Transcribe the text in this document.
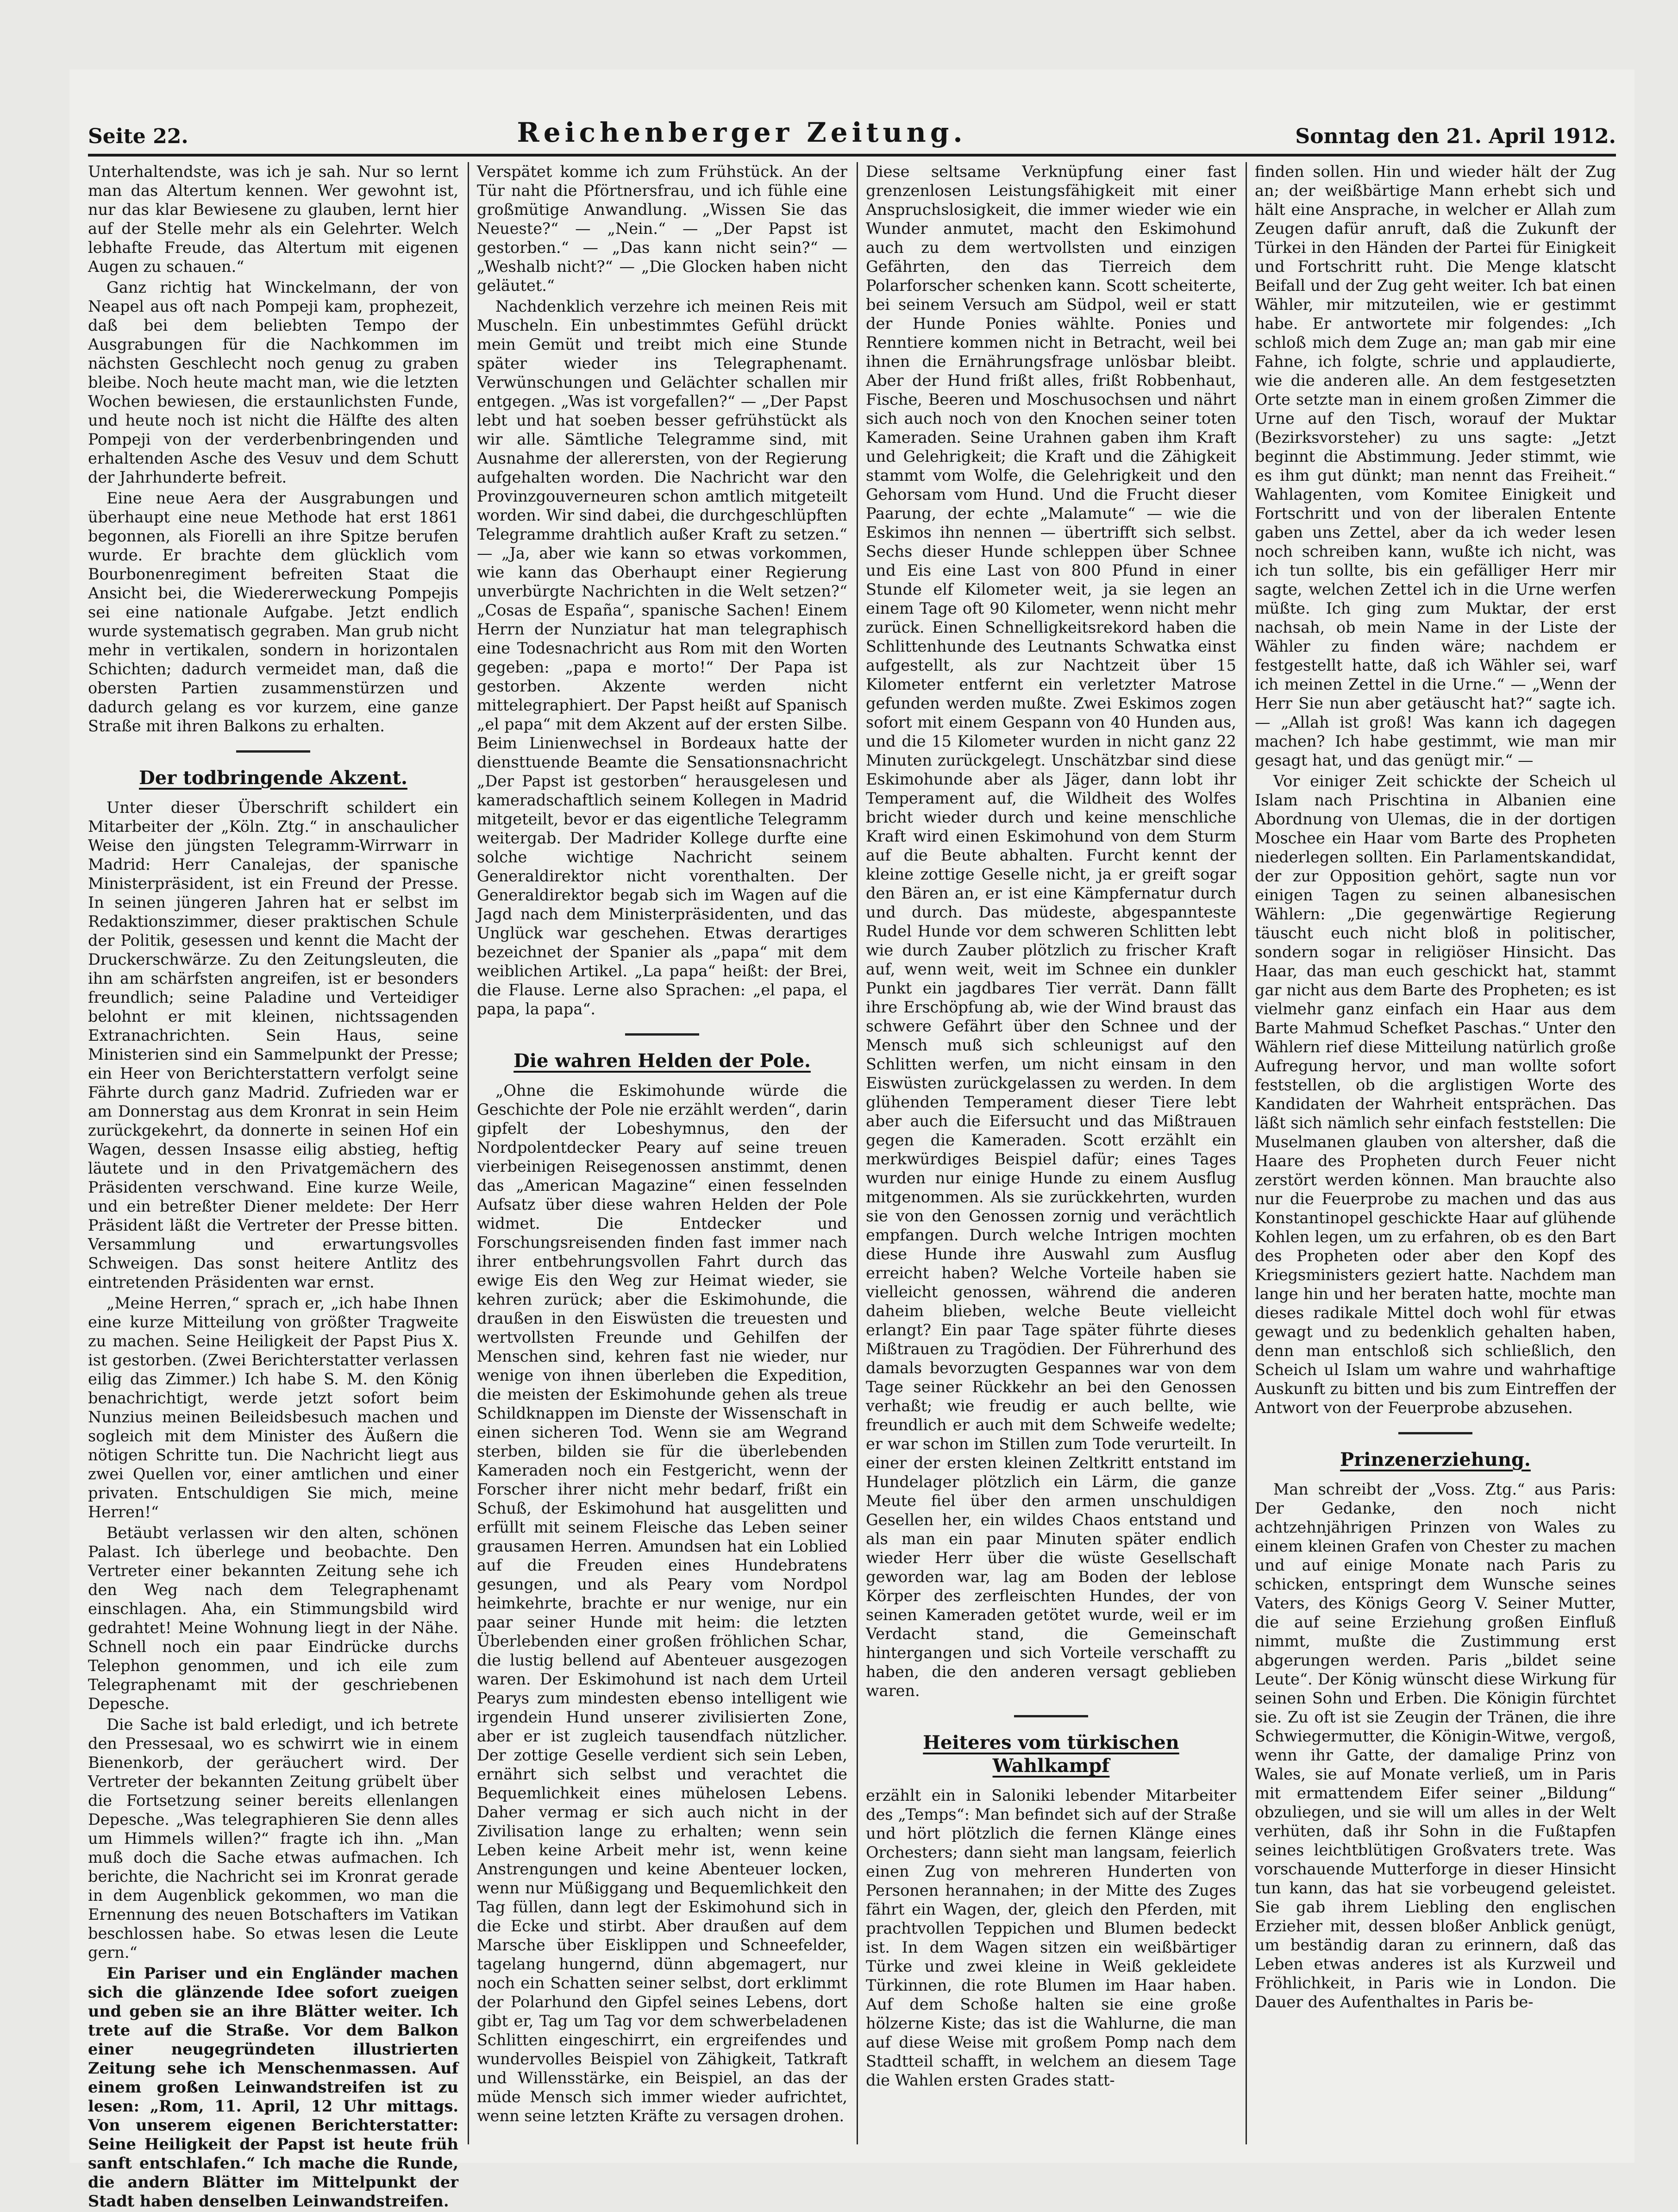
Seite 22.	Reichenberger Zeitung.	Sonntag den 21. April 1912.

Unterhaltendste, was ich je sah. Nur so lernt man das Altertum kennen. Wer gewohnt ist, nur das klar Bewiesene zu glauben, lernt hier auf der Stelle mehr als ein Gelehrter. Welch lebhafte Freude, das Altertum mit eigenen Augen zu schauen.“

Ganz richtig hat Winckelmann, der von Neapel aus oft nach Pompeji kam, prophezeit, daß bei dem beliebten Tempo der Ausgrabungen für die Nachkommen im nächsten Geschlecht noch genug zu graben bleibe. Noch heute macht man, wie die letzten Wochen bewiesen, die erstaunlichsten Funde, und heute noch ist nicht die Hälfte des alten Pompeji von der verderbenbringenden und erhaltenden Asche des Vesuv und dem Schutt der Jahrhunderte befreit.

Eine neue Aera der Ausgrabungen und überhaupt eine neue Methode hat erst 1861 begonnen, als Fiorelli an ihre Spitze berufen wurde. Er brachte dem glücklich vom Bourbonenregiment befreiten Staat die Ansicht bei, die Wiedererweckung Pompejis sei eine nationale Aufgabe. Jetzt endlich wurde systematisch gegraben. Man grub nicht mehr in vertikalen, sondern in horizontalen Schichten; dadurch vermeidet man, daß die obersten Partien zusammenstürzen und dadurch gelang es vor kurzem, eine ganze Straße mit ihren Balkons zu erhalten.

Der todbringende Akzent.

Unter dieser Überschrift schildert ein Mitarbeiter der „Köln. Ztg.“ in anschaulicher Weise den jüngsten Telegramm-Wirrwarr in Madrid: Herr Canalejas, der spanische Ministerpräsident, ist ein Freund der Presse. In seinen jüngeren Jahren hat er selbst im Redaktionszimmer, dieser praktischen Schule der Politik, gesessen und kennt die Macht der Druckerschwärze. Zu den Zeitungsleuten, die ihn am schärfsten angreifen, ist er besonders freundlich; seine Paladine und Verteidiger belohnt er mit kleinen, nichtssagenden Extranachrichten. Sein Haus, seine Ministerien sind ein Sammelpunkt der Presse; ein Heer von Berichterstattern verfolgt seine Fährte durch ganz Madrid. Zufrieden war er am Donnerstag aus dem Kronrat in sein Heim zurückgekehrt, da donnerte in seinen Hof ein Wagen, dessen Insasse eilig abstieg, heftig läutete und in den Privatgemächern des Präsidenten verschwand. Eine kurze Weile, und ein betreßter Diener meldete: Der Herr Präsident läßt die Vertreter der Presse bitten. Versammlung und erwartungsvolles Schweigen. Das sonst heitere Antlitz des eintretenden Präsidenten war ernst.

„Meine Herren,“ sprach er, „ich habe Ihnen eine kurze Mitteilung von größter Tragweite zu machen. Seine Heiligkeit der Papst Pius X. ist gestorben. (Zwei Berichterstatter verlassen eilig das Zimmer.) Ich habe S. M. den König benachrichtigt, werde jetzt sofort beim Nunzius meinen Beileidsbesuch machen und sogleich mit dem Minister des Äußern die nötigen Schritte tun. Die Nachricht liegt aus zwei Quellen vor, einer amtlichen und einer privaten. Entschuldigen Sie mich, meine Herren!“

Betäubt verlassen wir den alten, schönen Palast. Ich überlege und beobachte. Den Vertreter einer bekannten Zeitung sehe ich den Weg nach dem Telegraphenamt einschlagen. Aha, ein Stimmungsbild wird gedrahtet! Meine Wohnung liegt in der Nähe. Schnell noch ein paar Eindrücke durchs Telephon genommen, und ich eile zum Telegraphenamt mit der geschriebenen Depesche.

Die Sache ist bald erledigt, und ich betrete den Pressesaal, wo es schwirrt wie in einem Bienenkorb, der geräuchert wird. Der Vertreter der bekannten Zeitung grübelt über die Fortsetzung seiner bereits ellenlangen Depesche. „Was telegraphieren Sie denn alles um Himmels willen?“ fragte ich ihn. „Man muß doch die Sache etwas aufmachen. Ich berichte, die Nachricht sei im Kronrat gerade in dem Augenblick gekommen, wo man die Ernennung des neuen Botschafters im Vatikan beschlossen habe. So etwas lesen die Leute gern.“

Ein Pariser und ein Engländer machen sich die glänzende Idee sofort zueigen und geben sie an ihre Blätter weiter. Ich trete auf die Straße. Vor dem Balkon einer neugegründeten illustrierten Zeitung sehe ich Menschenmassen. Auf einem großen Leinwandstreifen ist zu lesen: „Rom, 11. April, 12 Uhr mittags. Von unserem eigenen Berichterstatter: Seine Heiligkeit der Papst ist heute früh sanft entschlafen.“ Ich mache die Runde, die andern Blätter im Mittelpunkt der Stadt haben denselben Leinwandstreifen.

Verspätet komme ich zum Frühstück. An der Tür naht die Pförtnersfrau, und ich fühle eine großmütige Anwandlung. „Wissen Sie das Neueste?“ — „Nein.“ — „Der Papst ist gestorben.“ — „Das kann nicht sein?“ — „Weshalb nicht?“ — „Die Glocken haben nicht geläutet.“

Nachdenklich verzehre ich meinen Reis mit Muscheln. Ein unbestimmtes Gefühl drückt mein Gemüt und treibt mich eine Stunde später wieder ins Telegraphenamt. Verwünschungen und Gelächter schallen mir entgegen. „Was ist vorgefallen?“ — „Der Papst lebt und hat soeben besser gefrühstückt als wir alle. Sämtliche Telegramme sind, mit Ausnahme der allerersten, von der Regierung aufgehalten worden. Die Nachricht war den Provinzgouverneuren schon amtlich mitgeteilt worden. Wir sind dabei, die durchgeschlüpften Telegramme drahtlich außer Kraft zu setzen.“ — „Ja, aber wie kann so etwas vorkommen, wie kann das Oberhaupt einer Regierung unverbürgte Nachrichten in die Welt setzen?“ „Cosas de España“, spanische Sachen! Einem Herrn der Nunziatur hat man telegraphisch eine Todesnachricht aus Rom mit den Worten gegeben: „papa e morto!“ Der Papa ist gestorben. Akzente werden nicht mittelegraphiert. Der Papst heißt auf Spanisch „el papa“ mit dem Akzent auf der ersten Silbe. Beim Linienwechsel in Bordeaux hatte der diensttuende Beamte die Sensationsnachricht „Der Papst ist gestorben“ herausgelesen und kameradschaftlich seinem Kollegen in Madrid mitgeteilt, bevor er das eigentliche Telegramm weitergab. Der Madrider Kollege durfte eine solche wichtige Nachricht seinem Generaldirektor nicht vorenthalten. Der Generaldirektor begab sich im Wagen auf die Jagd nach dem Ministerpräsidenten, und das Unglück war geschehen. Etwas derartiges bezeichnet der Spanier als „papa“ mit dem weiblichen Artikel. „La papa“ heißt: der Brei, die Flause. Lerne also Sprachen: „el papa, el papa, la papa“.

Die wahren Helden der Pole.

„Ohne die Eskimohunde würde die Geschichte der Pole nie erzählt werden“, darin gipfelt der Lobeshymnus, den der Nordpolentdecker Peary auf seine treuen vierbeinigen Reisegenossen anstimmt, denen das „American Magazine“ einen fesselnden Aufsatz über diese wahren Helden der Pole widmet. Die Entdecker und Forschungsreisenden finden fast immer nach ihrer entbehrungsvollen Fahrt durch das ewige Eis den Weg zur Heimat wieder, sie kehren zurück; aber die Eskimohunde, die draußen in den Eiswüsten die treuesten und wertvollsten Freunde und Gehilfen der Menschen sind, kehren fast nie wieder, nur wenige von ihnen überleben die Expedition, die meisten der Eskimohunde gehen als treue Schildknappen im Dienste der Wissenschaft in einen sicheren Tod. Wenn sie am Wegrand sterben, bilden sie für die überlebenden Kameraden noch ein Festgericht, wenn der Forscher ihrer nicht mehr bedarf, frißt ein Schuß, der Eskimohund hat ausgelitten und erfüllt mit seinem Fleische das Leben seiner grausamen Herren. Amundsen hat ein Loblied auf die Freuden eines Hundebratens gesungen, und als Peary vom Nordpol heimkehrte, brachte er nur wenige, nur ein paar seiner Hunde mit heim: die letzten Überlebenden einer großen fröhlichen Schar, die lustig bellend auf Abenteuer ausgezogen waren. Der Eskimohund ist nach dem Urteil Pearys zum mindesten ebenso intelligent wie irgendein Hund unserer zivilisierten Zone, aber er ist zugleich tausendfach nützlicher. Der zottige Geselle verdient sich sein Leben, ernährt sich selbst und verachtet die Bequemlichkeit eines mühelosen Lebens. Daher vermag er sich auch nicht in der Zivilisation lange zu erhalten; wenn sein Leben keine Arbeit mehr ist, wenn keine Anstrengungen und keine Abenteuer locken, wenn nur Müßiggang und Bequemlichkeit den Tag füllen, dann legt der Eskimohund sich in die Ecke und stirbt. Aber draußen auf dem Marsche über Eisklippen und Schneefelder, tagelang hungernd, dünn abgemagert, nur noch ein Schatten seiner selbst, dort erklimmt der Polarhund den Gipfel seines Lebens, dort gibt er, Tag um Tag vor dem schwerbeladenen Schlitten eingeschirrt, ein ergreifendes und wundervolles Beispiel von Zähigkeit, Tatkraft und Willensstärke, ein Beispiel, an das der müde Mensch sich immer wieder aufrichtet, wenn seine letzten Kräfte zu versagen drohen.

Diese seltsame Verknüpfung einer fast grenzenlosen Leistungsfähigkeit mit einer Anspruchslosigkeit, die immer wieder wie ein Wunder anmutet, macht den Eskimohund auch zu dem wertvollsten und einzigen Gefährten, den das Tierreich dem Polarforscher schenken kann. Scott scheiterte, bei seinem Versuch am Südpol, weil er statt der Hunde Ponies wählte. Ponies und Renntiere kommen nicht in Betracht, weil bei ihnen die Ernährungsfrage unlösbar bleibt. Aber der Hund frißt alles, frißt Robbenhaut, Fische, Beeren und Moschusochsen und nährt sich auch noch von den Knochen seiner toten Kameraden. Seine Urahnen gaben ihm Kraft und Gelehrigkeit; die Kraft und die Zähigkeit stammt vom Wolfe, die Gelehrigkeit und den Gehorsam vom Hund. Und die Frucht dieser Paarung, der echte „Malamute“ — wie die Eskimos ihn nennen — übertrifft sich selbst. Sechs dieser Hunde schleppen über Schnee und Eis eine Last von 800 Pfund in einer Stunde elf Kilometer weit, ja sie legen an einem Tage oft 90 Kilometer, wenn nicht mehr zurück. Einen Schnelligkeitsrekord haben die Schlittenhunde des Leutnants Schwatka einst aufgestellt, als zur Nachtzeit über 15 Kilometer entfernt ein verletzter Matrose gefunden werden mußte. Zwei Eskimos zogen sofort mit einem Gespann von 40 Hunden aus, und die 15 Kilometer wurden in nicht ganz 22 Minuten zurückgelegt. Unschätzbar sind diese Eskimohunde aber als Jäger, dann lobt ihr Temperament auf, die Wildheit des Wolfes bricht wieder durch und keine menschliche Kraft wird einen Eskimohund von dem Sturm auf die Beute abhalten. Furcht kennt der kleine zottige Geselle nicht, ja er greift sogar den Bären an, er ist eine Kämpfernatur durch und durch. Das müdeste, abgespannteste Rudel Hunde vor dem schweren Schlitten lebt wie durch Zauber plötzlich zu frischer Kraft auf, wenn weit, weit im Schnee ein dunkler Punkt ein jagdbares Tier verrät. Dann fällt ihre Erschöpfung ab, wie der Wind braust das schwere Gefährt über den Schnee und der Mensch muß sich schleunigst auf den Schlitten werfen, um nicht einsam in den Eiswüsten zurückgelassen zu werden. In dem glühenden Temperament dieser Tiere lebt aber auch die Eifersucht und das Mißtrauen gegen die Kameraden. Scott erzählt ein merkwürdiges Beispiel dafür; eines Tages wurden nur einige Hunde zu einem Ausflug mitgenommen. Als sie zurückkehrten, wurden sie von den Genossen zornig und verächtlich empfangen. Durch welche Intrigen mochten diese Hunde ihre Auswahl zum Ausflug erreicht haben? Welche Vorteile haben sie vielleicht genossen, während die anderen daheim blieben, welche Beute vielleicht erlangt? Ein paar Tage später führte dieses Mißtrauen zu Tragödien. Der Führerhund des damals bevorzugten Gespannes war von dem Tage seiner Rückkehr an bei den Genossen verhaßt; wie freudig er auch bellte, wie freundlich er auch mit dem Schweife wedelte; er war schon im Stillen zum Tode verurteilt. In einer der ersten kleinen Zeltkritt entstand im Hundelager plötzlich ein Lärm, die ganze Meute fiel über den armen unschuldigen Gesellen her, ein wildes Chaos entstand und als man ein paar Minuten später endlich wieder Herr über die wüste Gesellschaft geworden war, lag am Boden der leblose Körper des zerfleischten Hundes, der von seinen Kameraden getötet wurde, weil er im Verdacht stand, die Gemeinschaft hintergangen und sich Vorteile verschafft zu haben, die den anderen versagt geblieben waren.

Heiteres vom türkischen Wahlkampf

erzählt ein in Saloniki lebender Mitarbeiter des „Temps“: Man befindet sich auf der Straße und hört plötzlich die fernen Klänge eines Orchesters; dann sieht man langsam, feierlich einen Zug von mehreren Hunderten von Personen herannahen; in der Mitte des Zuges fährt ein Wagen, der, gleich den Pferden, mit prachtvollen Teppichen und Blumen bedeckt ist. In dem Wagen sitzen ein weißbärtiger Türke und zwei kleine in Weiß gekleidete Türkinnen, die rote Blumen im Haar haben. Auf dem Schoße halten sie eine große hölzerne Kiste; das ist die Wahlurne, die man auf diese Weise mit großem Pomp nach dem Stadtteil schafft, in welchem an diesem Tage die Wahlen ersten Grades statt-

finden sollen. Hin und wieder hält der Zug an; der weißbärtige Mann erhebt sich und hält eine Ansprache, in welcher er Allah zum Zeugen dafür anruft, daß die Zukunft der Türkei in den Händen der Partei für Einigkeit und Fortschritt ruht. Die Menge klatscht Beifall und der Zug geht weiter. Ich bat einen Wähler, mir mitzuteilen, wie er gestimmt habe. Er antwortete mir folgendes: „Ich schloß mich dem Zuge an; man gab mir eine Fahne, ich folgte, schrie und applaudierte, wie die anderen alle. An dem festgesetzten Orte setzte man in einem großen Zimmer die Urne auf den Tisch, worauf der Muktar (Bezirksvorsteher) zu uns sagte: „Jetzt beginnt die Abstimmung. Jeder stimmt, wie es ihm gut dünkt; man nennt das Freiheit.“ Wahlagenten, vom Komitee Einigkeit und Fortschritt und von der liberalen Entente gaben uns Zettel, aber da ich weder lesen noch schreiben kann, wußte ich nicht, was ich tun sollte, bis ein gefälliger Herr mir sagte, welchen Zettel ich in die Urne werfen müßte. Ich ging zum Muktar, der erst nachsah, ob mein Name in der Liste der Wähler zu finden wäre; nachdem er festgestellt hatte, daß ich Wähler sei, warf ich meinen Zettel in die Urne.“ — „Wenn der Herr Sie nun aber getäuscht hat?“ sagte ich. — „Allah ist groß! Was kann ich dagegen machen? Ich habe gestimmt, wie man mir gesagt hat, und das genügt mir.“ —

Vor einiger Zeit schickte der Scheich ul Islam nach Prischtina in Albanien eine Abordnung von Ulemas, die in der dortigen Moschee ein Haar vom Barte des Propheten niederlegen sollten. Ein Parlamentskandidat, der zur Opposition gehört, sagte nun vor einigen Tagen zu seinen albanesischen Wählern: „Die gegenwärtige Regierung täuscht euch nicht bloß in politischer, sondern sogar in religiöser Hinsicht. Das Haar, das man euch geschickt hat, stammt gar nicht aus dem Barte des Propheten; es ist vielmehr ganz einfach ein Haar aus dem Barte Mahmud Schefket Paschas.“ Unter den Wählern rief diese Mitteilung natürlich große Aufregung hervor, und man wollte sofort feststellen, ob die arglistigen Worte des Kandidaten der Wahrheit entsprächen. Das läßt sich nämlich sehr einfach feststellen: Die Muselmanen glauben von altersher, daß die Haare des Propheten durch Feuer nicht zerstört werden können. Man brauchte also nur die Feuerprobe zu machen und das aus Konstantinopel geschickte Haar auf glühende Kohlen legen, um zu erfahren, ob es den Bart des Propheten oder aber den Kopf des Kriegsministers geziert hatte. Nachdem man lange hin und her beraten hatte, mochte man dieses radikale Mittel doch wohl für etwas gewagt und zu bedenklich gehalten haben, denn man entschloß sich schließlich, den Scheich ul Islam um wahre und wahrhaftige Auskunft zu bitten und bis zum Eintreffen der Antwort von der Feuerprobe abzusehen.

Prinzenerziehung.

Man schreibt der „Voss. Ztg.“ aus Paris: Der Gedanke, den noch nicht achtzehnjährigen Prinzen von Wales zu einem kleinen Grafen von Chester zu machen und auf einige Monate nach Paris zu schicken, entspringt dem Wunsche seines Vaters, des Königs Georg V. Seiner Mutter, die auf seine Erziehung großen Einfluß nimmt, mußte die Zustimmung erst abgerungen werden. Paris „bildet seine Leute“. Der König wünscht diese Wirkung für seinen Sohn und Erben. Die Königin fürchtet sie. Zu oft ist sie Zeugin der Tränen, die ihre Schwiegermutter, die Königin-Witwe, vergoß, wenn ihr Gatte, der damalige Prinz von Wales, sie auf Monate verließ, um in Paris mit ermattendem Eifer seiner „Bildung“ obzuliegen, und sie will um alles in der Welt verhüten, daß ihr Sohn in die Fußtapfen seines leichtblütigen Großvaters trete. Was vorschauende Mutterforge in dieser Hinsicht tun kann, das hat sie vorbeugend geleistet. Sie gab ihrem Liebling den englischen Erzieher mit, dessen bloßer Anblick genügt, um beständig daran zu erinnern, daß das Leben etwas anderes ist als Kurzweil und Fröhlichkeit, in Paris wie in London. Die Dauer des Aufenthaltes in Paris be-
